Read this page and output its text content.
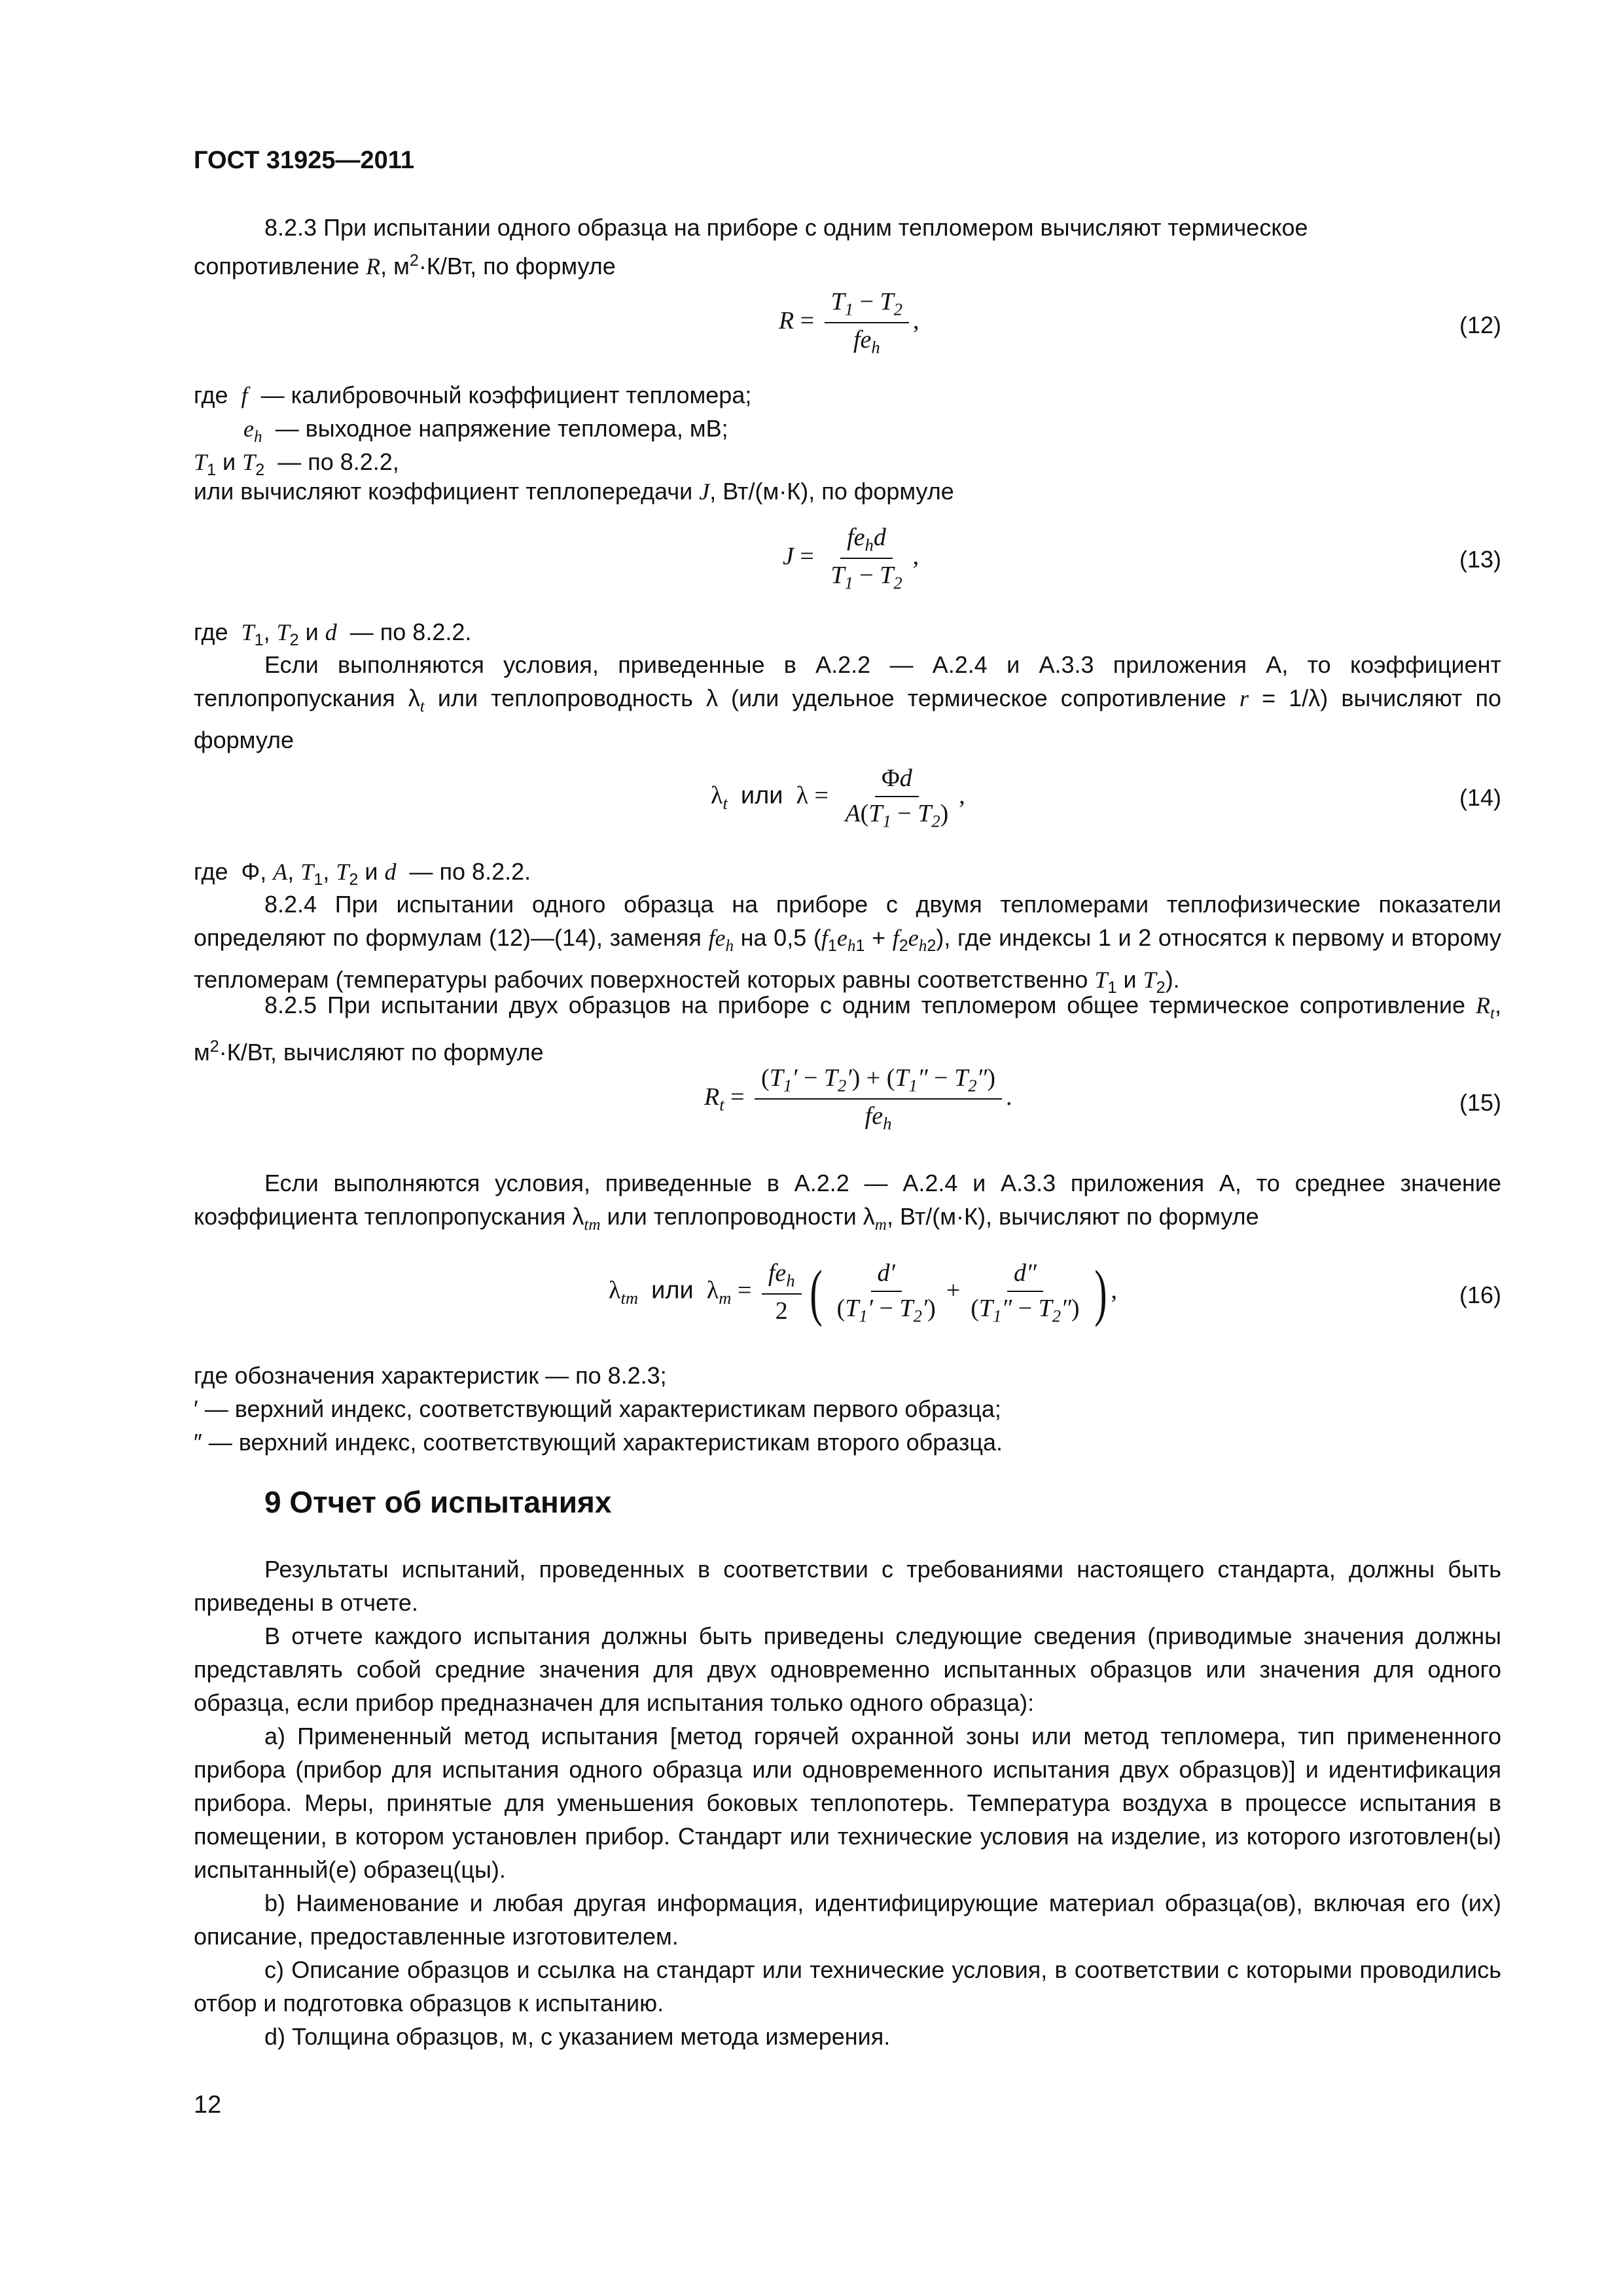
ГОСТ 31925—2011
8.2.3 При испытании одного образца на приборе с одним тепломером вычисляют термическое
сопротивление R, $м^2\cdot К/Вт$, по формуле
$R = \frac{T_1 - T_2}{fe_h}$ ,	(12)
где  f  — калибровочный коэффициент тепломера;
$e_h$  — выходное напряжение тепломера, мВ;
$T_1$ и $T_2$  — по 8.2.2,
или вычисляют коэффициент теплопередачи J, Вт/(м·К), по формуле
$J = \frac{fe_hd}{T_1 - T_2}$ ,	(13)
где  $T_1$, $T_2$ и d  — по 8.2.2.
Если выполняются условия, приведенные в А.2.2 — А.2.4 и А.3.3 приложения А, то коэффициент теплопропускания $\lambda_t$ или теплопроводность λ (или удельное термическое сопротивление r = 1/λ) вычисляют по формуле
$\lambda_t$  или  $\lambda = \frac{\Phi d}{A(T_1 - T_2)}$ ,	(14)
где  Φ, A, $T_1$, $T_2$ и d  — по 8.2.2.
8.2.4 При испытании одного образца на приборе с двумя тепломерами теплофизические показатели определяют по формулам (12)—(14), заменяя $fe_h$ на 0,5 $(f_1e_{h1} + f_2e_{h2})$, где индексы 1 и 2 относятся к первому и второму тепломерам (температуры рабочих поверхностей которых равны соответственно $T_1$ и $T_2$).
8.2.5 При испытании двух образцов на приборе с одним тепломером общее термическое сопротивление $R_t$, $м^2\cdot К/Вт$, вычисляют по формуле
$R_t = \frac{(T_1' - T_2') + (T_1'' - T_2'')}{fe_h}$ .	(15)
Если выполняются условия, приведенные в А.2.2 — А.2.4 и А.3.3 приложения А, то среднее значение коэффициента теплопропускания $\lambda_{tm}$ или теплопроводности $\lambda_m$, Вт/(м·К), вычисляют по формуле
$\lambda_{tm}$  или  $\lambda_m = \frac{fe_h}{2}$ ( $\frac{d'}{(T_1' - T_2')} + \frac{d''}{(T_1'' - T_2'')}$ ) ,	(16)
где обозначения характеристик — по 8.2.3;
′ — верхний индекс, соответствующий характеристикам первого образца;
″ — верхний индекс, соответствующий характеристикам второго образца.
9 Отчет об испытаниях
Результаты испытаний, проведенных в соответствии с требованиями настоящего стандарта, должны быть приведены в отчете.
В отчете каждого испытания должны быть приведены следующие сведения (приводимые значения должны представлять собой средние значения для двух одновременно испытанных образцов или значения для одного образца, если прибор предназначен для испытания только одного образца):
a) Примененный метод испытания [метод горячей охранной зоны или метод тепломера, тип примененного прибора (прибор для испытания одного образца или одновременного испытания двух образцов)] и идентификация прибора. Меры, принятые для уменьшения боковых теплопотерь. Температура воздуха в процессе испытания в помещении, в котором установлен прибор. Стандарт или технические условия на изделие, из которого изготовлен(ы) испытанный(е) образец(цы).
b) Наименование и любая другая информация, идентифицирующие материал образца(ов), включая его (их) описание, предоставленные изготовителем.
c) Описание образцов и ссылка на стандарт или технические условия, в соответствии с которыми проводились отбор и подготовка образцов к испытанию.
d) Толщина образцов, м, с указанием метода измерения.
12
